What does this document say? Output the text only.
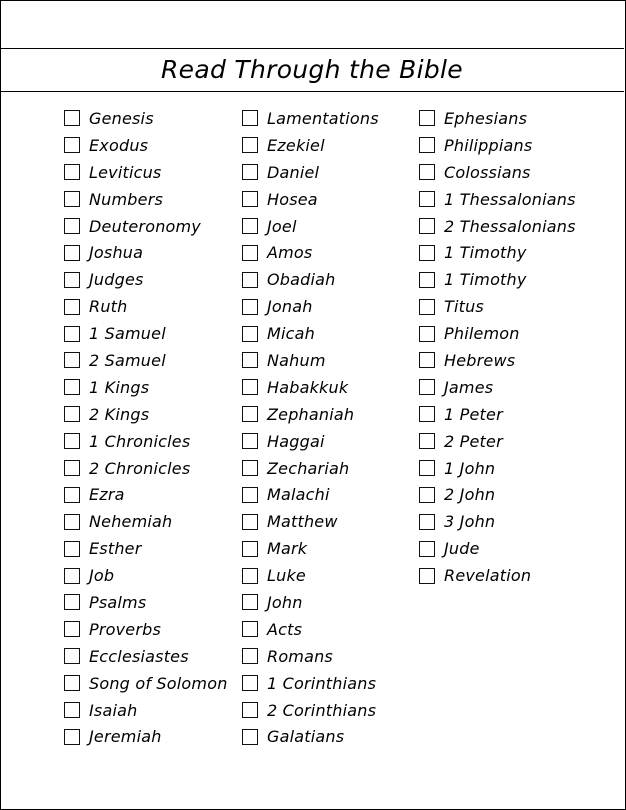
Read Through the Bible
Genesis
Exodus
Leviticus
Numbers
Deuteronomy
Joshua
Judges
Ruth
1 Samuel
2 Samuel
1 Kings
2 Kings
1 Chronicles
2 Chronicles
Ezra
Nehemiah
Esther
Job
Psalms
Proverbs
Ecclesiastes
Song of Solomon
Isaiah
Jeremiah
Lamentations
Ezekiel
Daniel
Hosea
Joel
Amos
Obadiah
Jonah
Micah
Nahum
Habakkuk
Zephaniah
Haggai
Zechariah
Malachi
Matthew
Mark
Luke
John
Acts
Romans
1 Corinthians
2 Corinthians
Galatians
Ephesians
Philippians
Colossians
1 Thessalonians
2 Thessalonians
1 Timothy
1 Timothy
Titus
Philemon
Hebrews
James
1 Peter
2 Peter
1 John
2 John
3 John
Jude
Revelation
